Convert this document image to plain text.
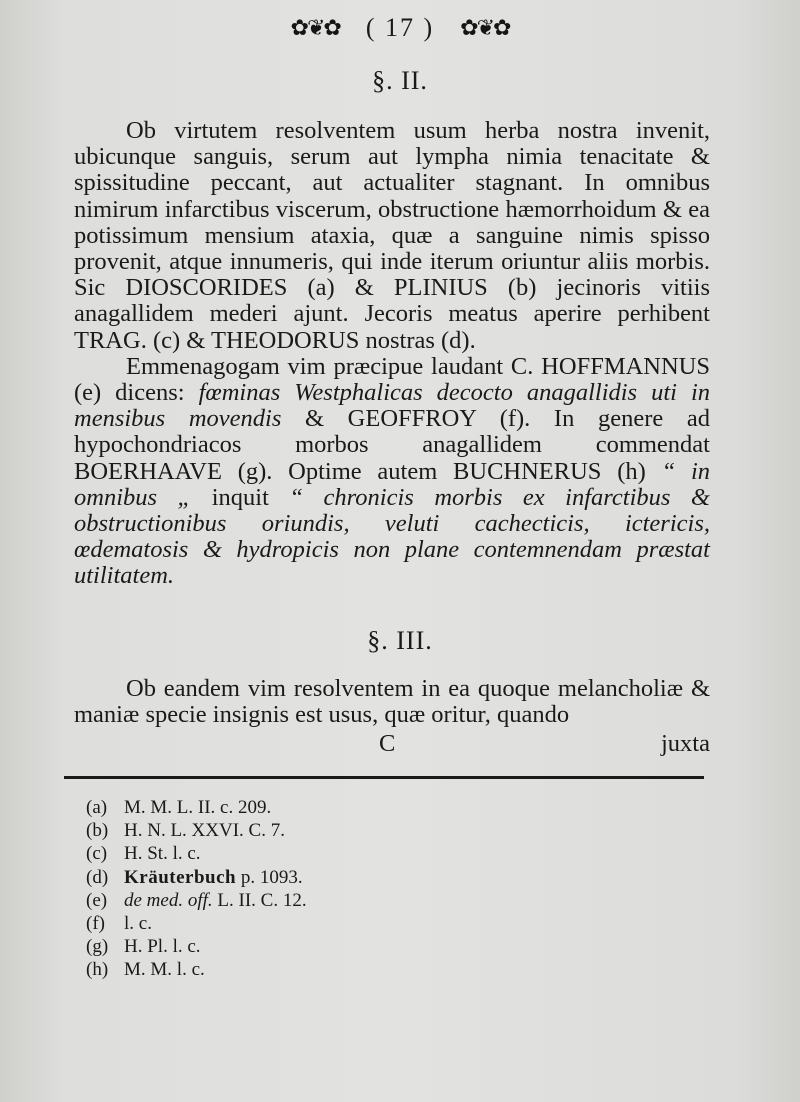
✿❦✿ ( 17 ) ✿❦✿
§. II.

Ob virtutem resolventem usum herba nostra invenit, ubicunque sanguis, serum aut lympha nimia tenacitate & spissitudine peccant, aut actualiter stagnant. In omnibus nimirum infarctibus viscerum, obstructione hæmorrhoidum & ea potissimum mensium ataxia, quæ a sanguine nimis spisso provenit, atque innumeris, qui inde iterum oriuntur aliis morbis. Sic DIOSCORIDES (a) & PLINIUS (b) jecinoris vitiis anagallidem mederi ajunt. Jecoris meatus aperire perhibent TRAG. (c) & THEODORUS nostras (d).

Emmenagogam vim præcipue laudant C. HOFFMANNUS (e) dicens: fœminas Westphalicas decocto anagallidis uti in mensibus movendis & GEOFFROY (f). In genere ad hypochondriacos morbos anagallidem commendat BOERHAAVE (g). Optime autem BUCHNERUS (h) “ in omnibus „ inquit “ chronicis morbis ex infarctibus & obstructionibus oriundis, veluti cachecticis, ictericis, œdematosis & hydropicis non plane contemnendam præstat utilitatem.

§. III.

Ob eandem vim resolventem in ea quoque melancholiæ & maniæ specie insignis est usus, quæ oritur, quando

C	juxta
(a) M. M. L. II. c. 209.
(b) H. N. L. XXVI. C. 7.
(c) H. St. l. c.
(d) Kräuterbuch p. 1093.
(e) de med. off. L. II. C. 12.
(f) l. c.
(g) H. Pl. l. c.
(h) M. M. l. c.
